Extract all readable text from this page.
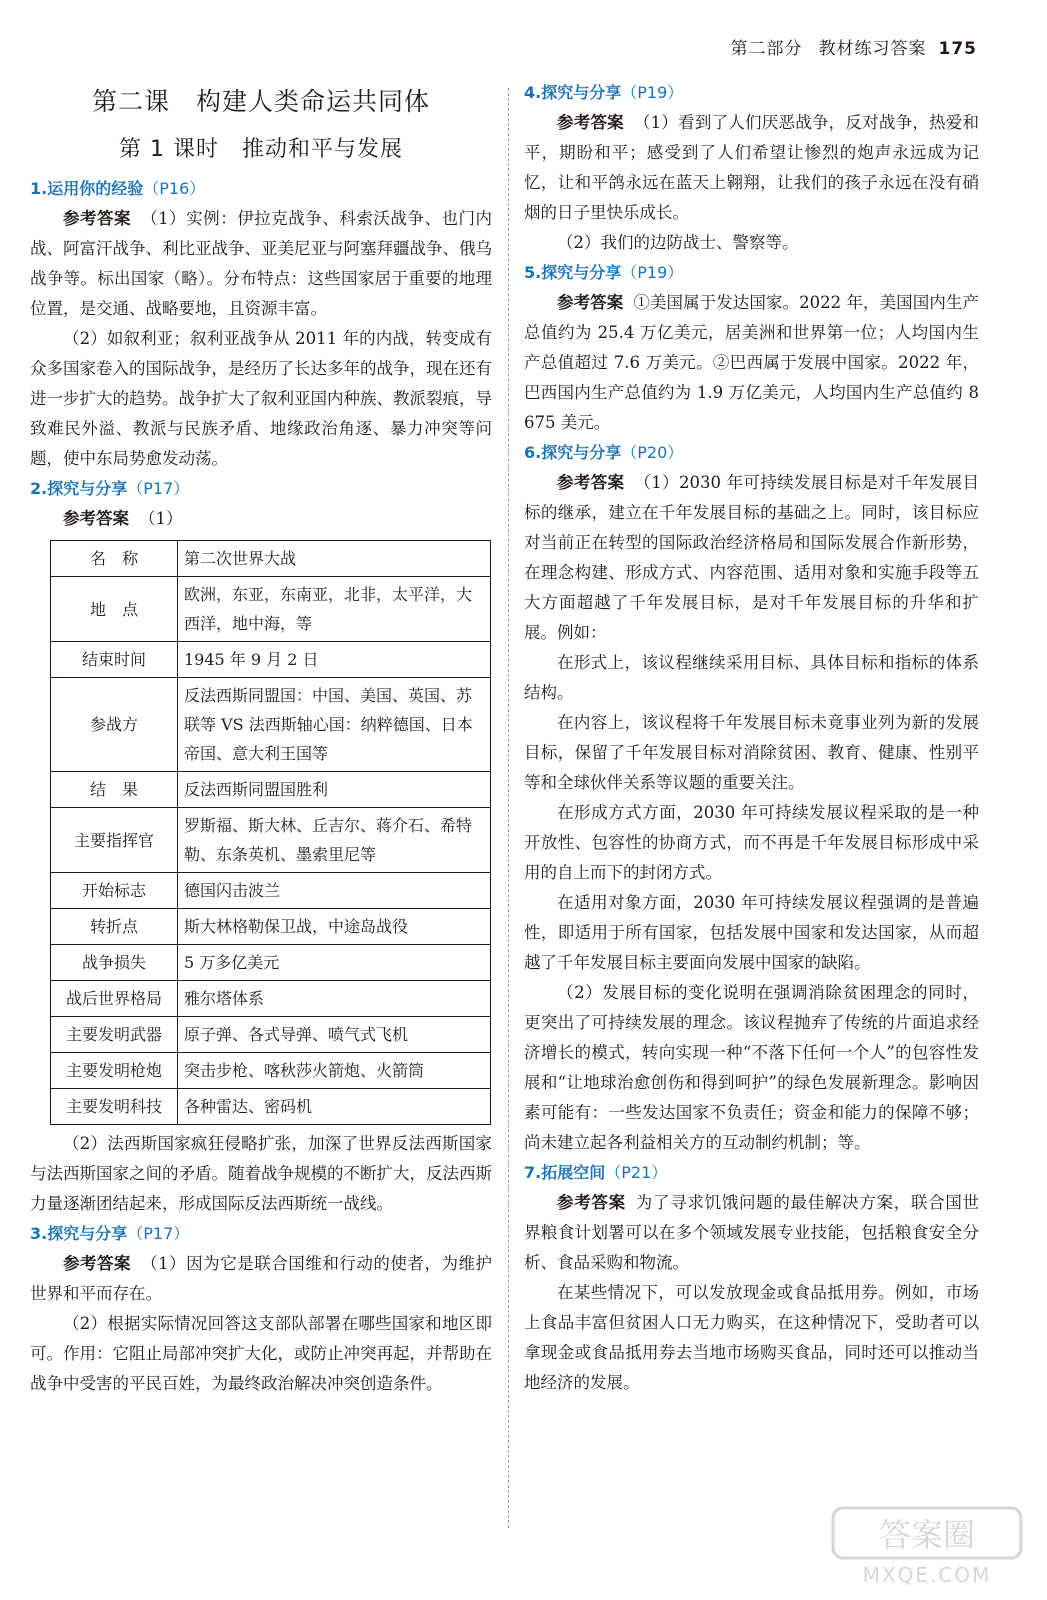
第二部分 教材练习答案 175
第二课　构建人类命运共同体
第 1 课时　推动和平与发展
1.运用你的经验（P16）

参考答案 （1）实例：伊拉克战争、科索沃战争、也门内战、阿富汗战争、利比亚战争、亚美尼亚与阿塞拜疆战争、俄乌战争等。标出国家（略）。分布特点：这些国家居于重要的地理位置，是交通、战略要地，且资源丰富。

（2）如叙利亚；叙利亚战争从 2011 年的内战，转变成有众多国家卷入的国际战争，是经历了长达多年的战争，现在还有进一步扩大的趋势。战争扩大了叙利亚国内种族、教派裂痕，导致难民外溢、教派与民族矛盾、地缘政治角逐、暴力冲突等问题，使中东局势愈发动荡。

2.探究与分享（P17）

参考答案 （1）

名　称	第二次世界大战
地　点	欧洲，东亚，东南亚，北非，太平洋，大西洋，地中海，等
结束时间	1945 年 9 月 2 日
参战方	反法西斯同盟国：中国、美国、英国、苏联等 VS 法西斯轴心国：纳粹德国、日本帝国、意大利王国等
结　果	反法西斯同盟国胜利
主要指挥官	罗斯福、斯大林、丘吉尔、蒋介石、希特勒、东条英机、墨索里尼等
开始标志	德国闪击波兰
转折点	斯大林格勒保卫战，中途岛战役
战争损失	5 万多亿美元
战后世界格局	雅尔塔体系
主要发明武器	原子弹、各式导弹、喷气式飞机
主要发明枪炮	突击步枪、喀秋莎火箭炮、火箭筒
主要发明科技	各种雷达、密码机

（2）法西斯国家疯狂侵略扩张，加深了世界反法西斯国家与法西斯国家之间的矛盾。随着战争规模的不断扩大，反法西斯力量逐渐团结起来，形成国际反法西斯统一战线。

3.探究与分享（P17）

参考答案 （1）因为它是联合国维和行动的使者，为维护世界和平而存在。

（2）根据实际情况回答这支部队部署在哪些国家和地区即可。作用：它阻止局部冲突扩大化，或防止冲突再起，并帮助在战争中受害的平民百姓，为最终政治解决冲突创造条件。

4.探究与分享（P19）

参考答案 （1）看到了人们厌恶战争，反对战争，热爱和平，期盼和平；感受到了人们希望让惨烈的炮声永远成为记忆，让和平鸽永远在蓝天上翱翔，让我们的孩子永远在没有硝烟的日子里快乐成长。

（2）我们的边防战士、警察等。

5.探究与分享（P19）

参考答案 ①美国属于发达国家。2022 年，美国国内生产总值约为 25.4 万亿美元，居美洲和世界第一位；人均国内生产总值超过 7.6 万美元。②巴西属于发展中国家。2022 年，巴西国内生产总值约为 1.9 万亿美元，人均国内生产总值约 8 675 美元。

6.探究与分享（P20）

参考答案 （1）2030 年可持续发展目标是对千年发展目标的继承，建立在千年发展目标的基础之上。同时，该目标应对当前正在转型的国际政治经济格局和国际发展合作新形势，在理念构建、形成方式、内容范围、适用对象和实施手段等五大方面超越了千年发展目标，是对千年发展目标的升华和扩展。例如：

在形式上，该议程继续采用目标、具体目标和指标的体系结构。

在内容上，该议程将千年发展目标未竟事业列为新的发展目标，保留了千年发展目标对消除贫困、教育、健康、性别平等和全球伙伴关系等议题的重要关注。

在形成方式方面，2030 年可持续发展议程采取的是一种开放性、包容性的协商方式，而不再是千年发展目标形成中采用的自上而下的封闭方式。

在适用对象方面，2030 年可持续发展议程强调的是普遍性，即适用于所有国家，包括发展中国家和发达国家，从而超越了千年发展目标主要面向发展中国家的缺陷。

（2）发展目标的变化说明在强调消除贫困理念的同时，更突出了可持续发展的理念。该议程抛弃了传统的片面追求经济增长的模式，转向实现一种“不落下任何一个人”的包容性发展和“让地球治愈创伤和得到呵护”的绿色发展新理念。影响因素可能有：一些发达国家不负责任；资金和能力的保障不够；尚未建立起各利益相关方的互动制约机制；等。

7.拓展空间（P21）

参考答案 为了寻求饥饿问题的最佳解决方案，联合国世界粮食计划署可以在多个领域发展专业技能，包括粮食安全分析、食品采购和物流。

在某些情况下，可以发放现金或食品抵用券。例如，市场上食品丰富但贫困人口无力购买，在这种情况下，受助者可以拿现金或食品抵用券去当地市场购买食品，同时还可以推动当地经济的发展。

答案圈
MXQE.COM
